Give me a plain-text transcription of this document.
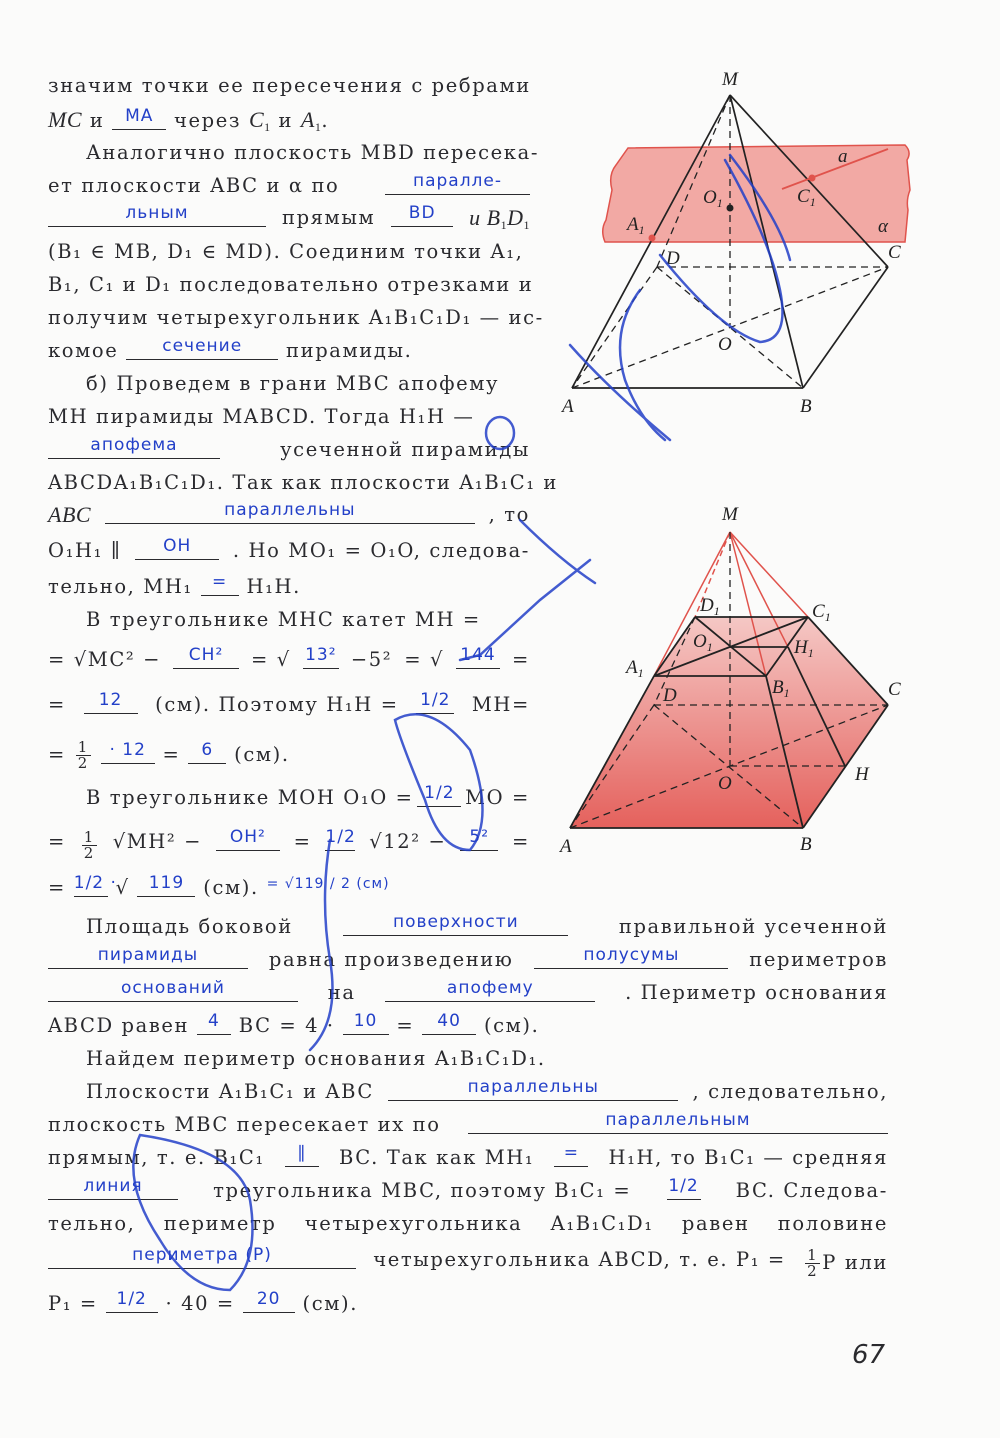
значим точки ее пересечения с ребрами
MC и МА через $C_1$ и $A_1$.
Аналогично плоскость MBD пересека-
ет плоскости ABC и α по	паралле-
льным	прямым	BD	и $B_1D_1$
(B₁ ∈ MB, D₁ ∈ MD). Соединим точки A₁,
B₁, C₁ и D₁ последовательно отрезками и
получим четырехугольник A₁B₁C₁D₁ — ис-
комое	сечение пирамиды.
б) Проведем в грани MBC апофему
MH пирамиды MABCD. Тогда H₁H —
апофема	усеченной пирамиды
ABCDA₁B₁C₁D₁. Так как плоскости A₁B₁C₁ и
ABC	параллельны	, то
O₁H₁ ∥	OH	. Но MO₁ = O₁O, следова-
тельно, MH₁ = H₁H.
В треугольнике MHC катет MH =
= √MC² −	CH²	= √ 13² −5² = √ 144 =
=	12	(см). Поэтому H₁H = 1/2 MH=
= $\frac{1}{2} \cdot 12 = 6$ (см).
В треугольнике MOH O₁O = 1/2 MO =
= $\frac{1}{2} √MH^2$ −	OH²	= 1/2 √12² −	5²	=
= 1/2 · √ 119 (см). $^{= √119 / 2 (см)}$
Площадь боковой	поверхности	правильной усеченной
пирамиды	равна произведению	полусумы	периметров
оснований	на	апофему	. Периметр основания
ABCD равен 4 BC = 4 · 10 = 40 (см).
Найдем периметр основания A₁B₁C₁D₁.
Плоскости A₁B₁C₁ и ABC	параллельны	, следовательно,
плоскость MBC пересекает их по	параллельным
прямым, т. е. B₁C₁	∥	BC. Так как MH₁	=	H₁H, то B₁C₁ — средняя
линия	треугольника MBC, поэтому B₁C₁ = 1/2 BC. Следова-
тельно, периметр четырехугольника A₁B₁C₁D₁ равен половине
периметра (P)	четырехугольника ABCD, т. е. $P_1 = \frac{1}{2}$ P или
P₁ = 1/2 · 40 = 20 (см).
M
A	B
C
D
O
$O_1$
$A_1$
$C_1$
a
α
M
A	B
C
D
O	H
$O_1$
$A_1$
$B_1$
$C_1$
$D_1$
$H_1$
67
